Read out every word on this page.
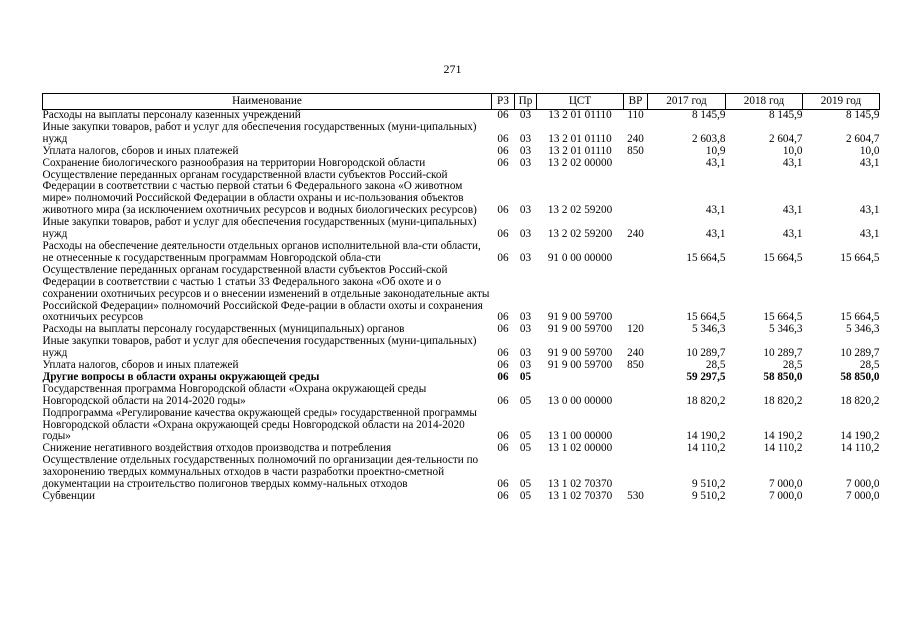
271
Наименование	РЗ	Пр	ЦСТ	ВР	2017 год	2018 год	2019 год
Расходы на выплаты персоналу казенных учреждений	06	03	13 2 01 01110	110	8 145,9	8 145,9	8 145,9
Иные закупки товаров, работ и услуг для обеспечения государственных (муни-ципальных) нужд	06	03	13 2 01 01110	240	2 603,8	2 604,7	2 604,7
Уплата налогов, сборов и иных платежей	06	03	13 2 01 01110	850	10,9	10,0	10,0
Сохранение биологического разнообразия на территории Новгородской области	06	03	13 2 02 00000		43,1	43,1	43,1
Осуществление переданных органам государственной власти субъектов Россий-ской Федерации в соответствии с частью первой статьи 6 Федерального закона «О животном мире» полномочий Российской Федерации в области охраны и ис-пользования объектов животного мира (за исключением охотничьих ресурсов и водных биологических ресурсов)	06	03	13 2 02 59200		43,1	43,1	43,1
Иные закупки товаров, работ и услуг для обеспечения государственных (муни-ципальных) нужд	06	03	13 2 02 59200	240	43,1	43,1	43,1
Расходы на обеспечение деятельности отдельных органов исполнительной вла-сти области, не отнесенные к государственным программам Новгородской обла-сти	06	03	91 0 00 00000		15 664,5	15 664,5	15 664,5
Осуществление переданных органам государственной власти субъектов Россий-ской Федерации в соответствии с частью 1 статьи 33 Федерального закона «Об охоте и о сохранении охотничьих ресурсов и о внесении изменений в отдельные законодательные акты Российской Федерации» полномочий Российской Феде-рации в области охоты и сохранения охотничьих ресурсов	06	03	91 9 00 59700		15 664,5	15 664,5	15 664,5
Расходы на выплаты персоналу государственных (муниципальных) органов	06	03	91 9 00 59700	120	5 346,3	5 346,3	5 346,3
Иные закупки товаров, работ и услуг для обеспечения государственных (муни-ципальных) нужд	06	03	91 9 00 59700	240	10 289,7	10 289,7	10 289,7
Уплата налогов, сборов и иных платежей	06	03	91 9 00 59700	850	28,5	28,5	28,5
Другие вопросы в области охраны окружающей среды	06	05			59 297,5	58 850,0	58 850,0
Государственная программа Новгородской области «Охрана окружающей среды Новгородской области на 2014-2020 годы»	06	05	13 0 00 00000		18 820,2	18 820,2	18 820,2
Подпрограмма «Регулирование качества окружающей среды» государственной программы Новгородской области «Охрана окружающей среды Новгородской области на 2014-2020 годы»	06	05	13 1 00 00000		14 190,2	14 190,2	14 190,2
Снижение негативного воздействия отходов производства и потребления	06	05	13 1 02 00000		14 110,2	14 110,2	14 110,2
Осуществление отдельных государственных полномочий по организации дея-тельности по захоронению твердых коммунальных отходов в части разработки проектно-сметной документации на строительство полигонов твердых комму-нальных отходов	06	05	13 1 02 70370		9 510,2	7 000,0	7 000,0
Субвенции	06	05	13 1 02 70370	530	9 510,2	7 000,0	7 000,0
